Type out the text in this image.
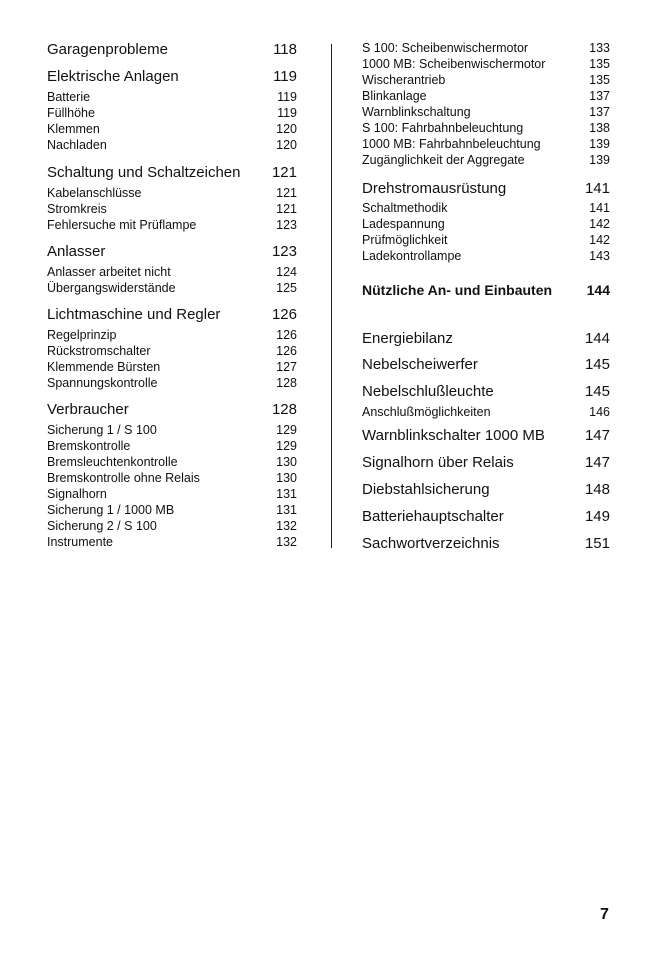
Garagenprobleme	118
Elektrische Anlagen	119
Batterie	119
Füllhöhe	119
Klemmen	120
Nachladen	120
Schaltung und Schaltzeichen 121
Kabelanschlüsse	121
Stromkreis	121
Fehlersuche mit Prüflampe	123
Anlasser	123
Anlasser arbeitet nicht	124
Übergangswiderstände	125
Lichtmaschine und Regler	126
Regelprinzip	126
Rückstromschalter	126
Klemmende Bürsten	127
Spannungskontrolle	128
Verbraucher	128
Sicherung 1 / S 100	129
Bremskontrolle	129
Bremsleuchtenkontrolle	130
Bremskontrolle ohne Relais	130
Signalhorn	131
Sicherung 1 / 1000 MB	131
Sicherung 2 / S 100	132
Instrumente	132
S 100: Scheibenwischermotor	133
1000 MB: Scheibenwischermotor	135
Wischerantrieb	135
Blinkanlage	137
Warnblinkschaltung	137
S 100: Fahrbahnbeleuchtung	138
1000 MB: Fahrbahnbeleuchtung	139
Zugänglichkeit der Aggregate	139
Drehstromausrüstung	141
Schaltmethodik	141
Ladespannung	142
Prüfmöglichkeit	142
Ladekontrollampe	143
Nützliche An- und Einbauten 144
Energiebilanz	144
Nebelscheiwerfer	145
Nebelschlußleuchte	145
Anschlußmöglichkeiten	146
Warnblinkschalter 1000 MB	147
Signalhorn über Relais	147
Diebstahlsicherung	148
Batteriehauptschalter	149
Sachwortverzeichnis	151
7
